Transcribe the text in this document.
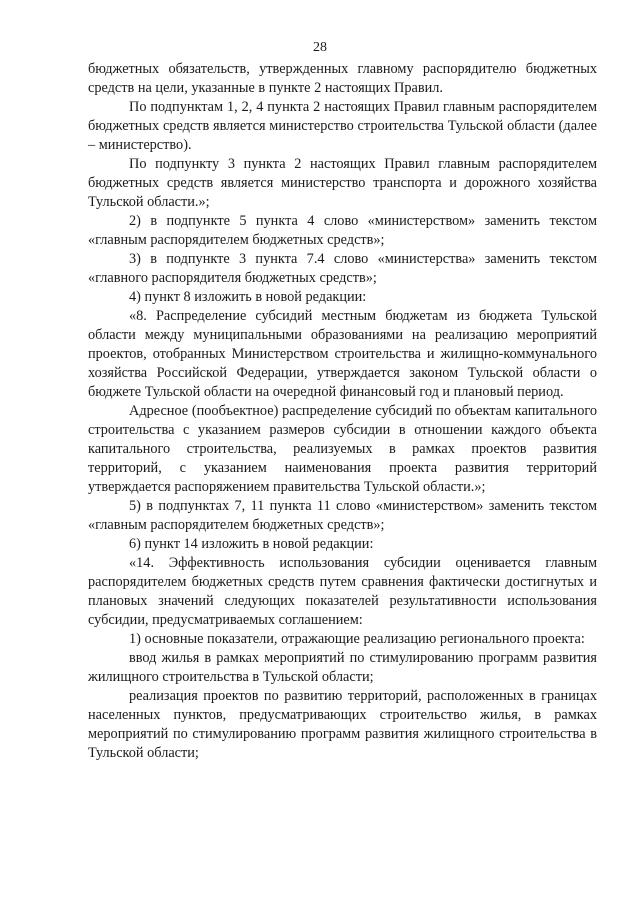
28

бюджетных обязательств, утвержденных главному распорядителю бюджетных средств на цели, указанные в пункте 2 настоящих Правил.

По подпунктам 1, 2, 4 пункта 2 настоящих Правил главным распорядителем бюджетных средств является министерство строительства Тульской области (далее – министерство).

По подпункту 3 пункта 2 настоящих Правил главным распорядителем бюджетных средств является министерство транспорта и дорожного хозяйства Тульской области.»;

2) в подпункте 5 пункта 4 слово «министерством» заменить текстом «главным распорядителем бюджетных средств»;

3) в подпункте 3 пункта 7.4 слово «министерства» заменить текстом «главного распорядителя бюджетных средств»;

4) пункт 8 изложить в новой редакции:

«8. Распределение субсидий местным бюджетам из бюджета Тульской области между муниципальными образованиями на реализацию мероприятий проектов, отобранных Министерством строительства и жилищно-коммунального хозяйства Российской Федерации, утверждается законом Тульской области о бюджете Тульской области на очередной финансовый год и плановый период.

Адресное (пообъектное) распределение субсидий по объектам капитального строительства с указанием размеров субсидии в отношении каждого объекта капитального строительства, реализуемых в рамках проектов развития территорий, с указанием наименования проекта развития территорий утверждается распоряжением правительства Тульской области.»;

5) в подпунктах 7, 11 пункта 11 слово «министерством» заменить текстом «главным распорядителем бюджетных средств»;

6) пункт 14 изложить в новой редакции:

«14. Эффективность использования субсидии оценивается главным распорядителем бюджетных средств путем сравнения фактически достигнутых и плановых значений следующих показателей результативности использования субсидии, предусматриваемых соглашением:

1) основные показатели, отражающие реализацию регионального проекта:

ввод жилья в рамках мероприятий по стимулированию программ развития жилищного строительства в Тульской области;

реализация проектов по развитию территорий, расположенных в границах населенных пунктов, предусматривающих строительство жилья, в рамках мероприятий по стимулированию программ развития жилищного строительства в Тульской области;
